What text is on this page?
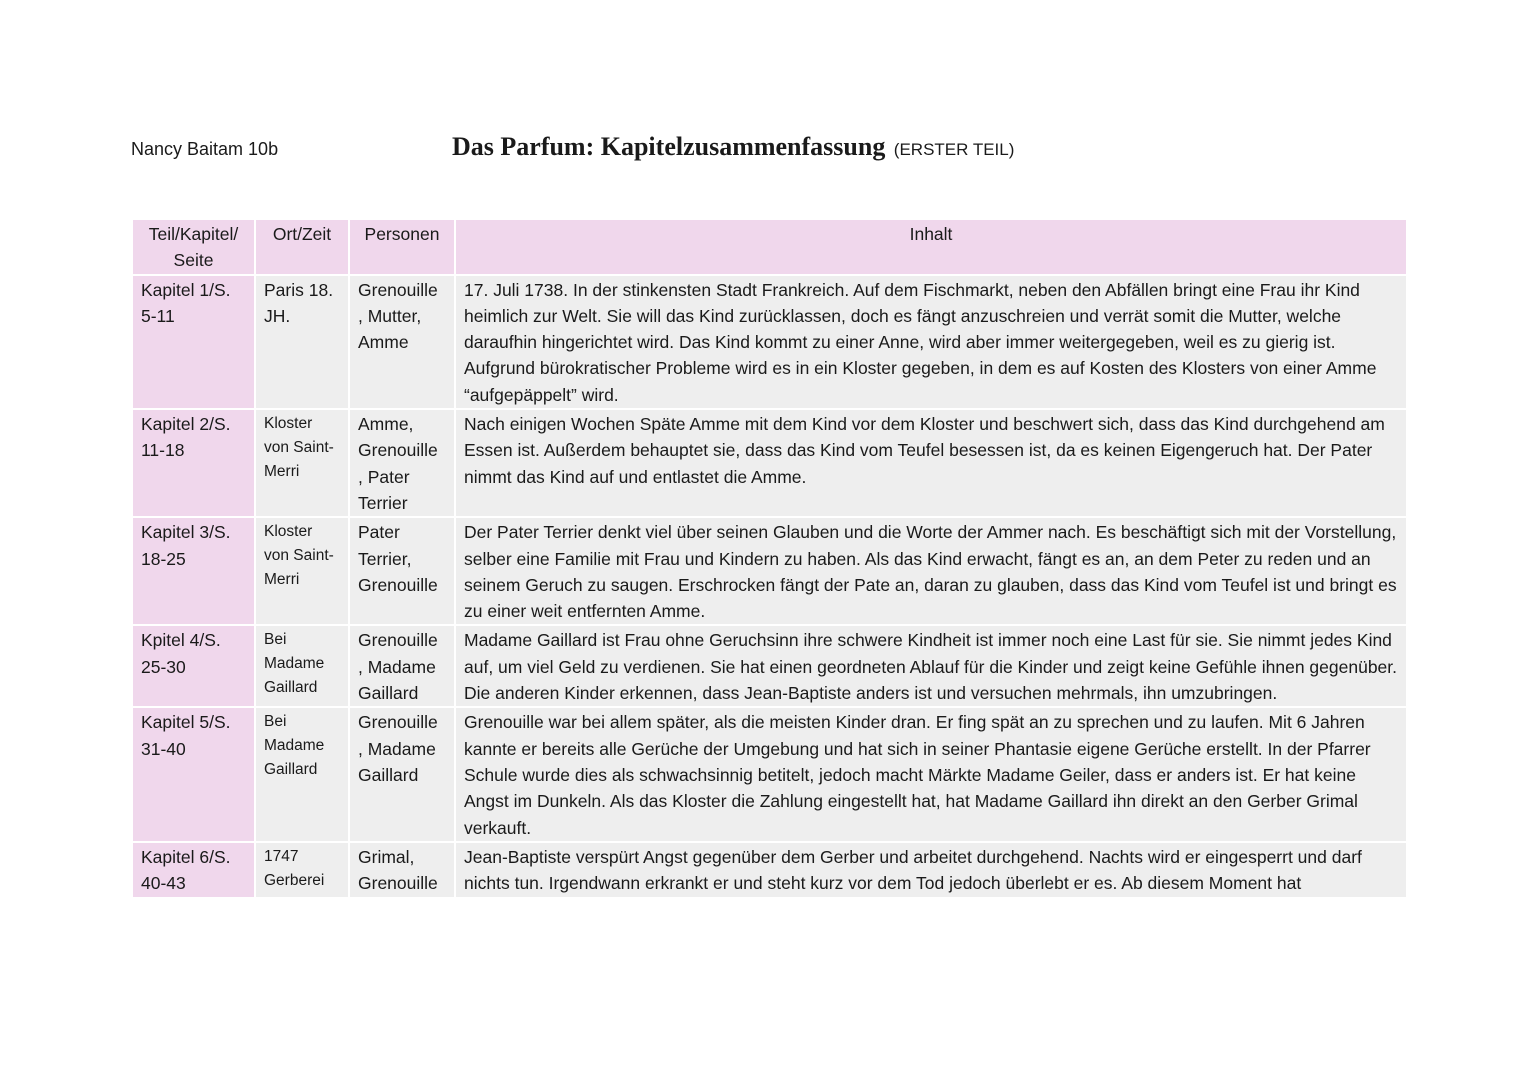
Nancy Baitam 10b	Das Parfum: Kapitelzusammenfassung (ERSTER TEIL)
Teil/Kapitel/ Seite	Ort/Zeit	Personen	Inhalt
Kapitel 1/S. 5-11	Paris 18. JH.	Grenouille , Mutter, Amme	17. Juli 1738. In der stinkensten Stadt Frankreich. Auf dem Fischmarkt, neben den Abfällen bringt eine Frau ihr Kind heimlich zur Welt. Sie will das Kind zurücklassen, doch es fängt anzuschreien und verrät somit die Mutter, welche daraufhin hingerichtet wird. Das Kind kommt zu einer Anne, wird aber immer weitergegeben, weil es zu gierig ist. Aufgrund bürokratischer Probleme wird es in ein Kloster gegeben, in dem es auf Kosten des Klosters von einer Amme “aufgepäppelt” wird.
Kapitel 2/S. 11-18	Kloster von Saint-Merri	Amme, Grenouille , Pater Terrier	Nach einigen Wochen Späte Amme mit dem Kind vor dem Kloster und beschwert sich, dass das Kind durchgehend am Essen ist. Außerdem behauptet sie, dass das Kind vom Teufel besessen ist, da es keinen Eigengeruch hat. Der Pater nimmt das Kind auf und entlastet die Amme.
Kapitel 3/S. 18-25	Kloster von Saint-Merri	Pater Terrier, Grenouille	Der Pater Terrier denkt viel über seinen Glauben und die Worte der Ammer nach. Es beschäftigt sich mit der Vorstellung, selber eine Familie mit Frau und Kindern zu haben. Als das Kind erwacht, fängt es an, an dem Peter zu reden und an seinem Geruch zu saugen. Erschrocken fängt der Pate an, daran zu glauben, dass das Kind vom Teufel ist und bringt es zu einer weit entfernten Amme.
Kpitel 4/S. 25-30	Bei Madame Gaillard	Grenouille , Madame Gaillard	Madame Gaillard ist Frau ohne Geruchsinn ihre schwere Kindheit ist immer noch eine Last für sie. Sie nimmt jedes Kind auf, um viel Geld zu verdienen. Sie hat einen geordneten Ablauf für die Kinder und zeigt keine Gefühle ihnen gegenüber. Die anderen Kinder erkennen, dass Jean-Baptiste anders ist und versuchen mehrmals, ihn umzubringen.
Kapitel 5/S. 31-40	Bei Madame Gaillard	Grenouille , Madame Gaillard	Grenouille war bei allem später, als die meisten Kinder dran. Er fing spät an zu sprechen und zu laufen. Mit 6 Jahren kannte er bereits alle Gerüche der Umgebung und hat sich in seiner Phantasie eigene Gerüche erstellt. In der Pfarrer Schule wurde dies als schwachsinnig betitelt, jedoch macht Märkte Madame Geiler, dass er anders ist. Er hat keine Angst im Dunkeln. Als das Kloster die Zahlung eingestellt hat, hat Madame Gaillard ihn direkt an den Gerber Grimal verkauft.

Kapitel 6/S. 40-43	1747 Gerberei	Grimal, Grenouille	Jean-Baptiste verspürt Angst gegenüber dem Gerber und arbeitet durchgehend. Nachts wird er eingesperrt und darf nichts tun. Irgendwann erkrankt er und steht kurz vor dem Tod jedoch überlebt er es. Ab diesem Moment hat
